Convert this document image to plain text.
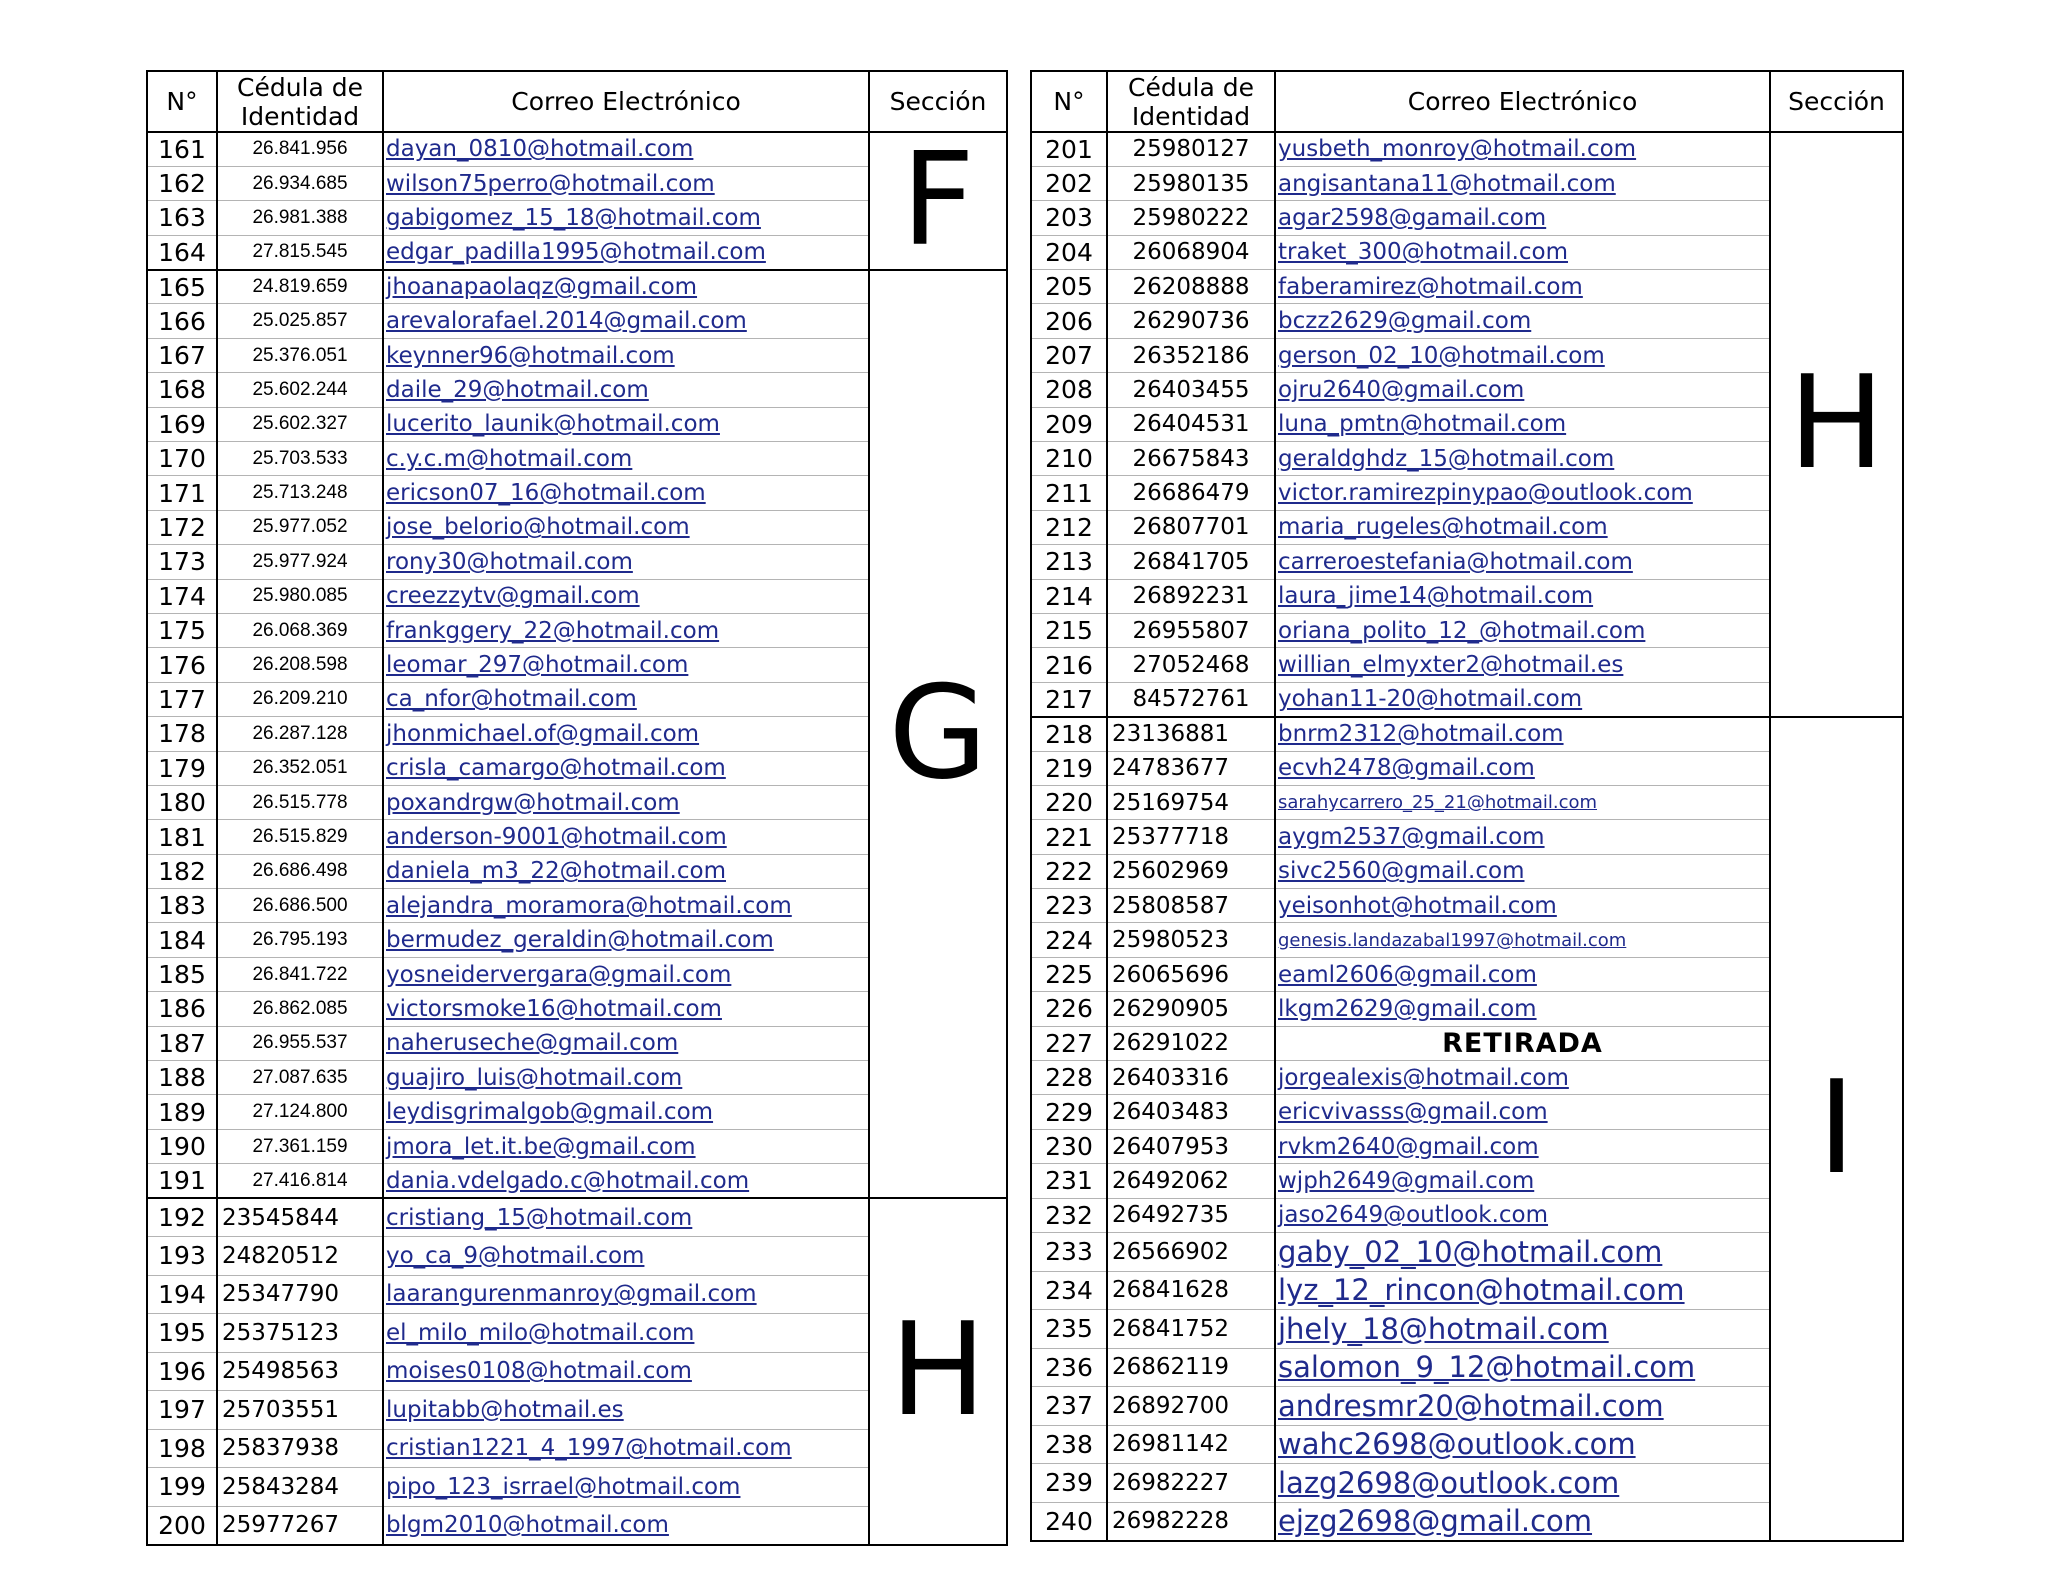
N°	Cédula de
Identidad	Correo Electrónico	Sección
161	26.841.956	dayan_0810@hotmail.com	F
162	26.934.685	wilson75perro@hotmail.com	
163	26.981.388	gabigomez_15_18@hotmail.com	
164	27.815.545	edgar_padilla1995@hotmail.com	
165	24.819.659	jhoanapaolaqz@gmail.com	G
166	25.025.857	arevalorafael.2014@gmail.com	
167	25.376.051	keynner96@hotmail.com	
168	25.602.244	daile_29@hotmail.com	
169	25.602.327	lucerito_launik@hotmail.com	
170	25.703.533	c.y.c.m@hotmail.com	
171	25.713.248	ericson07_16@hotmail.com	
172	25.977.052	jose_belorio@hotmail.com	
173	25.977.924	rony30@hotmail.com	
174	25.980.085	creezzytv@gmail.com	
175	26.068.369	frankggery_22@hotmail.com	
176	26.208.598	leomar_297@hotmail.com	
177	26.209.210	ca_nfor@hotmail.com	
178	26.287.128	jhonmichael.of@gmail.com	
179	26.352.051	crisla_camargo@hotmail.com	
180	26.515.778	poxandrgw@hotmail.com	
181	26.515.829	anderson-9001@hotmail.com	
182	26.686.498	daniela_m3_22@hotmail.com	
183	26.686.500	alejandra_moramora@hotmail.com	
184	26.795.193	bermudez_geraldin@hotmail.com	
185	26.841.722	yosneidervergara@gmail.com	
186	26.862.085	victorsmoke16@hotmail.com	
187	26.955.537	naheruseche@gmail.com	
188	27.087.635	guajiro_luis@hotmail.com	
189	27.124.800	leydisgrimalgob@gmail.com	
190	27.361.159	jmora_let.it.be@gmail.com	
191	27.416.814	dania.vdelgado.c@hotmail.com	
192	23545844	cristiang_15@hotmail.com	H
193	24820512	yo_ca_9@hotmail.com	
194	25347790	laarangurenmanroy@gmail.com	
195	25375123	el_milo_milo@hotmail.com	
196	25498563	moises0108@hotmail.com	
197	25703551	lupitabb@hotmail.es	
198	25837938	cristian1221_4_1997@hotmail.com	
199	25843284	pipo_123_isrrael@hotmail.com	
200	25977267	blgm2010@hotmail.com	
N°	Cédula de
Identidad	Correo Electrónico	Sección
201	25980127	yusbeth_monroy@hotmail.com	H
202	25980135	angisantana11@hotmail.com	
203	25980222	agar2598@gamail.com	
204	26068904	traket_300@hotmail.com	
205	26208888	faberamirez@hotmail.com	
206	26290736	bczz2629@gmail.com	
207	26352186	gerson_02_10@hotmail.com	
208	26403455	ojru2640@gmail.com	
209	26404531	luna_pmtn@hotmail.com	
210	26675843	geraldghdz_15@hotmail.com	
211	26686479	victor.ramirezpinypao@outlook.com	
212	26807701	maria_rugeles@hotmail.com	
213	26841705	carreroestefania@hotmail.com	
214	26892231	laura_jime14@hotmail.com	
215	26955807	oriana_polito_12_@hotmail.com	
216	27052468	willian_elmyxter2@hotmail.es	
217	84572761	yohan11-20@hotmail.com	
218	23136881	bnrm2312@hotmail.com	I
219	24783677	ecvh2478@gmail.com	
220	25169754	sarahycarrero_25_21@hotmail.com	
221	25377718	aygm2537@gmail.com	
222	25602969	sivc2560@gmail.com	
223	25808587	yeisonhot@hotmail.com	
224	25980523	genesis.landazabal1997@hotmail.com	
225	26065696	eaml2606@gmail.com	
226	26290905	lkgm2629@gmail.com	
227	26291022	RETIRADA	
228	26403316	jorgealexis@hotmail.com	
229	26403483	ericvivasss@gmail.com	
230	26407953	rvkm2640@gmail.com	
231	26492062	wjph2649@gmail.com	
232	26492735	jaso2649@outlook.com	
233	26566902	gaby_02_10@hotmail.com	
234	26841628	lyz_12_rincon@hotmail.com	
235	26841752	jhely_18@hotmail.com	
236	26862119	salomon_9_12@hotmail.com	
237	26892700	andresmr20@hotmail.com	
238	26981142	wahc2698@outlook.com	
239	26982227	lazg2698@outlook.com	
240	26982228	ejzg2698@gmail.com	
